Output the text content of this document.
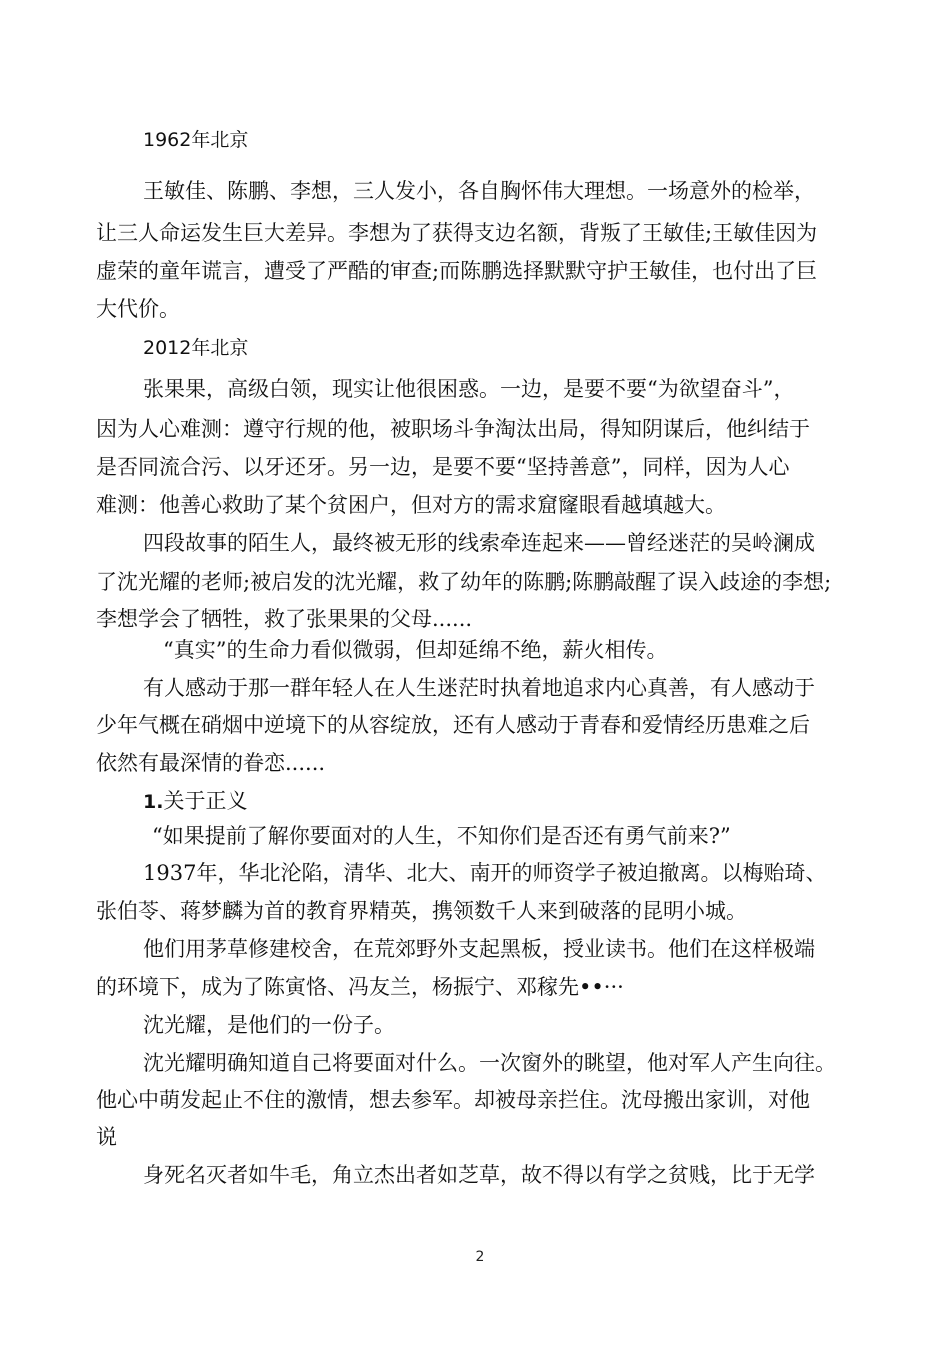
1962年北京
王敏佳、陈鹏、李想，三人发小，各自胸怀伟大理想。一场意外的检举，
让三人命运发生巨大差异。李想为了获得支边名额，背叛了王敏佳;王敏佳因为
虚荣的童年谎言，遭受了严酷的审查;而陈鹏选择默默守护王敏佳，也付出了巨
大代价。
2012年北京
张果果，高级白领，现实让他很困惑。一边，是要不要“为欲望奋斗”，
因为人心难测：遵守行规的他，被职场斗争淘汰出局，得知阴谋后，他纠结于
是否同流合污、以牙还牙。另一边，是要不要“坚持善意”，同样，因为人心
难测：他善心救助了某个贫困户，但对方的需求窟窿眼看越填越大。
四段故事的陌生人，最终被无形的线索牵连起来——曾经迷茫的吴岭澜成
了沈光耀的老师;被启发的沈光耀，救了幼年的陈鹏;陈鹏敲醒了误入歧途的李想;
李想学会了牺牲，救了张果果的父母......
“真实”的生命力看似微弱，但却延绵不绝，薪火相传。
有人感动于那一群年轻人在人生迷茫时执着地追求内心真善，有人感动于
少年气概在硝烟中逆境下的从容绽放，还有人感动于青春和爱情经历患难之后
依然有最深情的眷恋......
1.关于正义
“如果提前了解你要面对的人生，不知你们是否还有勇气前来?”
1937年，华北沦陷，清华、北大、南开的师资学子被迫撤离。以梅贻琦、
张伯苓、蒋梦麟为首的教育界精英，携领数千人来到破落的昆明小城。
他们用茅草修建校舍，在荒郊野外支起黑板，授业读书。他们在这样极端
的环境下，成为了陈寅恪、冯友兰，杨振宁、邓稼先••···
沈光耀，是他们的一份子。
沈光耀明确知道自己将要面对什么。一次窗外的眺望，他对军人产生向往。
他心中萌发起止不住的激情，想去参军。却被母亲拦住。沈母搬出家训，对他
说
身死名灭者如牛毛，角立杰出者如芝草，故不得以有学之贫贱，比于无学
2
